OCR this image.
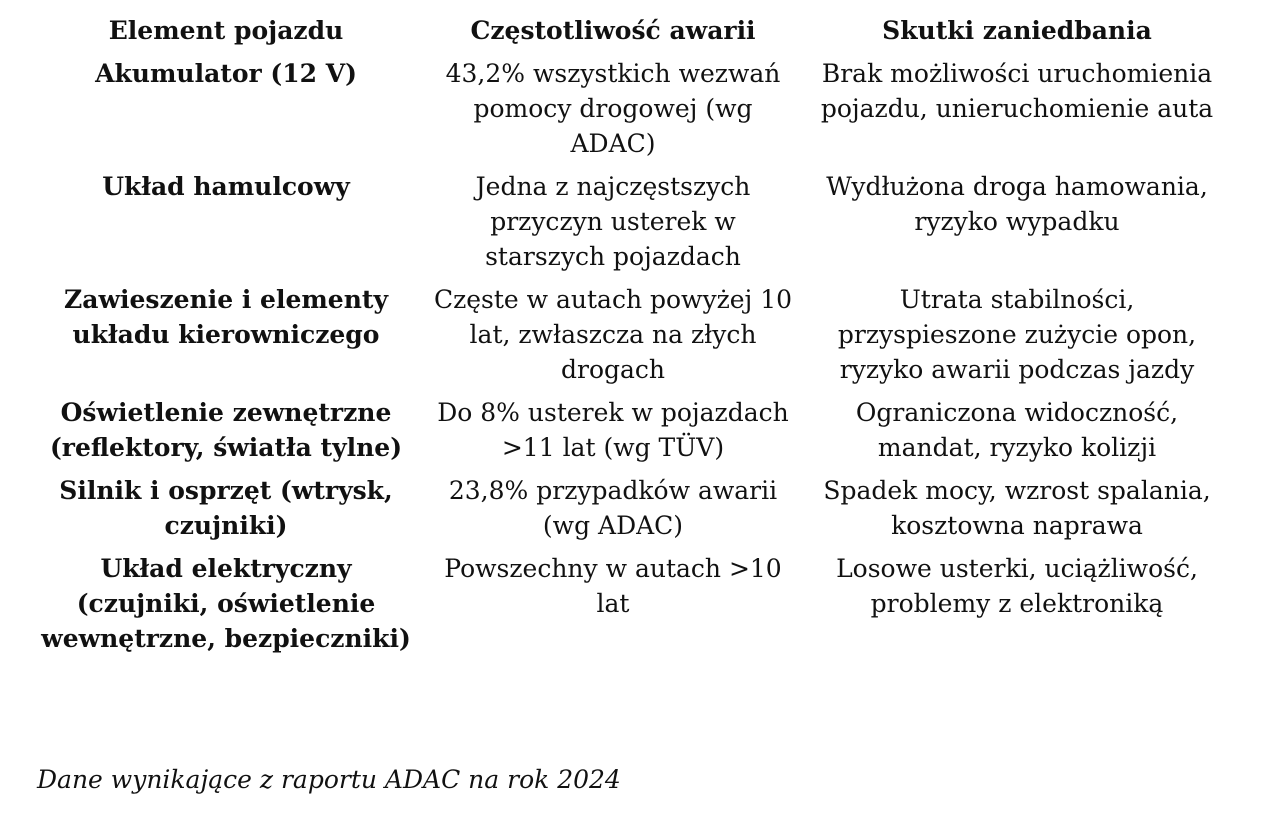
Element pojazdu	Częstotliwość awarii	Skutki zaniedbania
Akumulator (12 V)	43,2% wszystkich wezwań pomocy drogowej (wg ADAC)	Brak możliwości uruchomienia pojazdu, unieruchomienie auta
Układ hamulcowy	Jedna z najczęstszych przyczyn usterek w starszych pojazdach	Wydłużona droga hamowania, ryzyko wypadku
Zawieszenie i elementy układu kierowniczego	Częste w autach powyżej 10 lat, zwłaszcza na złych drogach	Utrata stabilności, przyspieszone zużycie opon, ryzyko awarii podczas jazdy
Oświetlenie zewnętrzne (reflektory, światła tylne)	Do 8% usterek w pojazdach >11 lat (wg TÜV)	Ograniczona widoczność, mandat, ryzyko kolizji
Silnik i osprzęt (wtrysk, czujniki)	23,8% przypadków awarii (wg ADAC)	Spadek mocy, wzrost spalania, kosztowna naprawa
Układ elektryczny (czujniki, oświetlenie wewnętrzne, bezpieczniki)	Powszechny w autach >10 lat	Losowe usterki, uciążliwość, problemy z elektroniką
Dane wynikające z raportu ADAC na rok 2024
